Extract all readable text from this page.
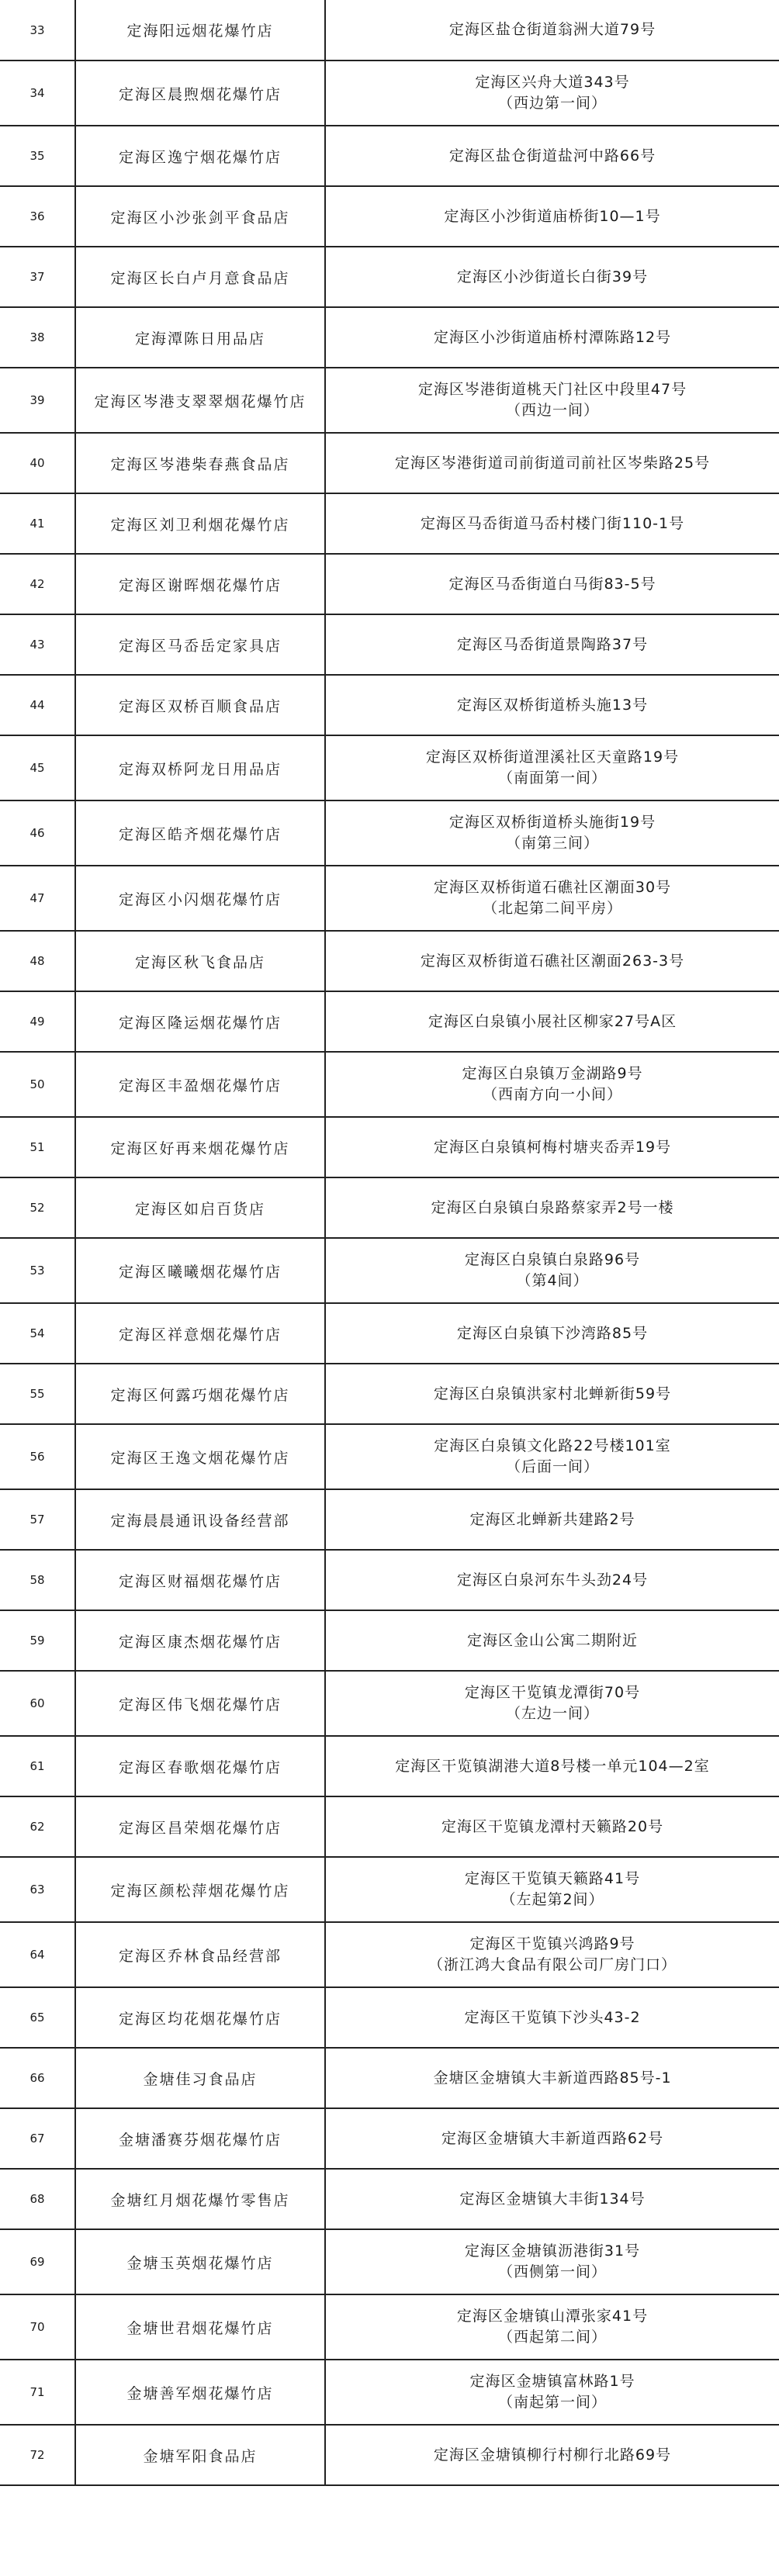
33	定海阳远烟花爆竹店	定海区盐仓街道翁洲大道79号

34	定海区晨煦烟花爆竹店	定海区兴舟大道343号
（西边第一间）

35	定海区逸宁烟花爆竹店	定海区盐仓街道盐河中路66号

36	定海区小沙张剑平食品店	定海区小沙街道庙桥街10—1号

37	定海区长白卢月意食品店	定海区小沙街道长白街39号

38	定海潭陈日用品店	定海区小沙街道庙桥村潭陈路12号

39	定海区岑港支翠翠烟花爆竹店	定海区岑港街道桃天门社区中段里47号
（西边一间）

40	定海区岑港柴春燕食品店	定海区岑港街道司前街道司前社区岑柴路25号

41	定海区刘卫利烟花爆竹店	定海区马岙街道马岙村楼门街110-1号

42	定海区谢晖烟花爆竹店	定海区马岙街道白马街83-5号

43	定海区马岙岳定家具店	定海区马岙街道景陶路37号

44	定海区双桥百顺食品店	定海区双桥街道桥头施13号

45	定海双桥阿龙日用品店	定海区双桥街道浬溪社区天童路19号
（南面第一间）

46	定海区皓齐烟花爆竹店	定海区双桥街道桥头施街19号
（南第三间）

47	定海区小闪烟花爆竹店	定海区双桥街道石礁社区潮面30号
（北起第二间平房）

48	定海区秋飞食品店	定海区双桥街道石礁社区潮面263-3号

49	定海区隆运烟花爆竹店	定海区白泉镇小展社区柳家27号A区

50	定海区丰盈烟花爆竹店	定海区白泉镇万金湖路9号
（西南方向一小间）

51	定海区好再来烟花爆竹店	定海区白泉镇柯梅村塘夹岙弄19号

52	定海区如启百货店	定海区白泉镇白泉路蔡家弄2号一楼

53	定海区曦曦烟花爆竹店	定海区白泉镇白泉路96号
（第4间）

54	定海区祥意烟花爆竹店	定海区白泉镇下沙湾路85号

55	定海区何露巧烟花爆竹店	定海区白泉镇洪家村北蝉新街59号

56	定海区王逸文烟花爆竹店	定海区白泉镇文化路22号楼101室
（后面一间）

57	定海晨晨通讯设备经营部	定海区北蝉新共建路2号

58	定海区财福烟花爆竹店	定海区白泉河东牛头劲24号

59	定海区康杰烟花爆竹店	定海区金山公寓二期附近

60	定海区伟飞烟花爆竹店	定海区干览镇龙潭街70号
（左边一间）

61	定海区春歌烟花爆竹店	定海区干览镇湖港大道8号楼一单元104—2室

62	定海区昌荣烟花爆竹店	定海区干览镇龙潭村天籁路20号

63	定海区颜松萍烟花爆竹店	定海区干览镇天籁路41号
（左起第2间）

64	定海区乔林食品经营部	定海区干览镇兴鸿路9号
（浙江鸿大食品有限公司厂房门口）

65	定海区均花烟花爆竹店	定海区干览镇下沙头43-2

66	金塘佳习食品店	金塘区金塘镇大丰新道西路85号-1

67	金塘潘赛芬烟花爆竹店	定海区金塘镇大丰新道西路62号

68	金塘红月烟花爆竹零售店	定海区金塘镇大丰街134号

69	金塘玉英烟花爆竹店	定海区金塘镇沥港街31号
（西侧第一间）

70	金塘世君烟花爆竹店	定海区金塘镇山潭张家41号
（西起第二间）

71	金塘善军烟花爆竹店	定海区金塘镇富林路1号
（南起第一间）

72	金塘军阳食品店	定海区金塘镇柳行村柳行北路69号
